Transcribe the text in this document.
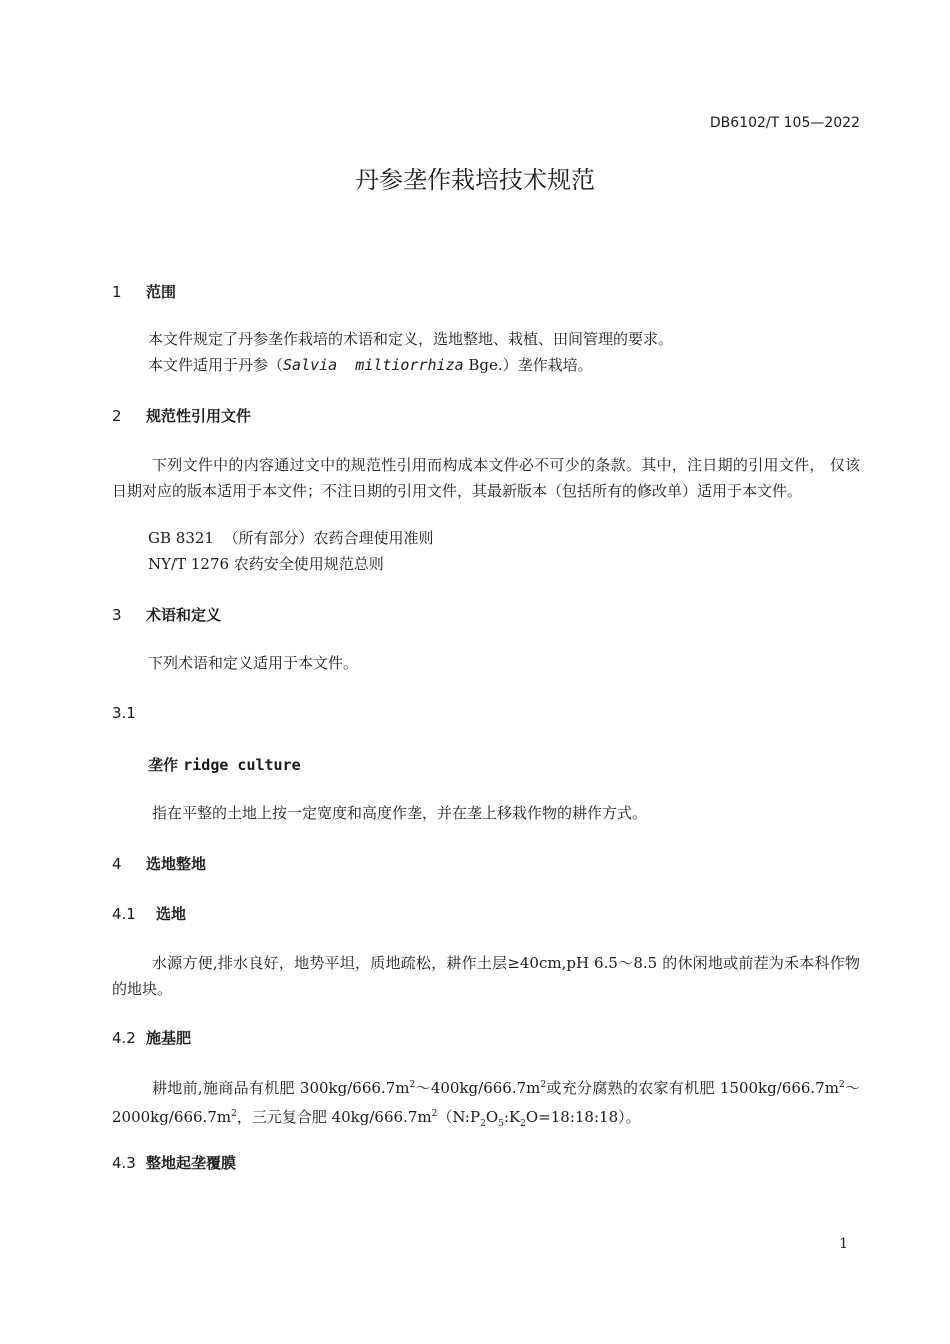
DB6102/T 105—2022
丹参垄作栽培技术规范
1 范围
本文件规定了丹参垄作栽培的术语和定义，选地整地、栽植、田间管理的要求。
本文件适用于丹参（Salvia  miltiorrhiza Bge.）垄作栽培。
2 规范性引用文件
下列文件中的内容通过文中的规范性引用而构成本文件必不可少的条款。其中，注日期的引用文件， 仅该日期对应的版本适用于本文件；不注日期的引用文件，其最新版本（包括所有的修改单）适用于本文件。
GB 8321  （所有部分）农药合理使用准则
NY/T 1276 农药安全使用规范总则
3 术语和定义
下列术语和定义适用于本文件。
3.1
垄作 ridge culture
指在平整的土地上按一定宽度和高度作垄，并在垄上移栽作物的耕作方式。
4 选地整地
4.1 选地
水源方便,排水良好，地势平坦，质地疏松，耕作土层≥40cm,pH 6.5～8.5 的休闲地或前茬为禾本科作物的地块。
4.2 施基肥
耕地前,施商品有机肥 $300kg/666.7m^2\sim 400kg/666.7m^2$或充分腐熟的农家有机肥 $1500kg/666.7m^2\sim 2000kg/666.7m^2$，三元复合肥 $40kg/666.7m^2(N:P_2O_5:K_2O=18:18:18)$。
4.3 整地起垄覆膜
1
